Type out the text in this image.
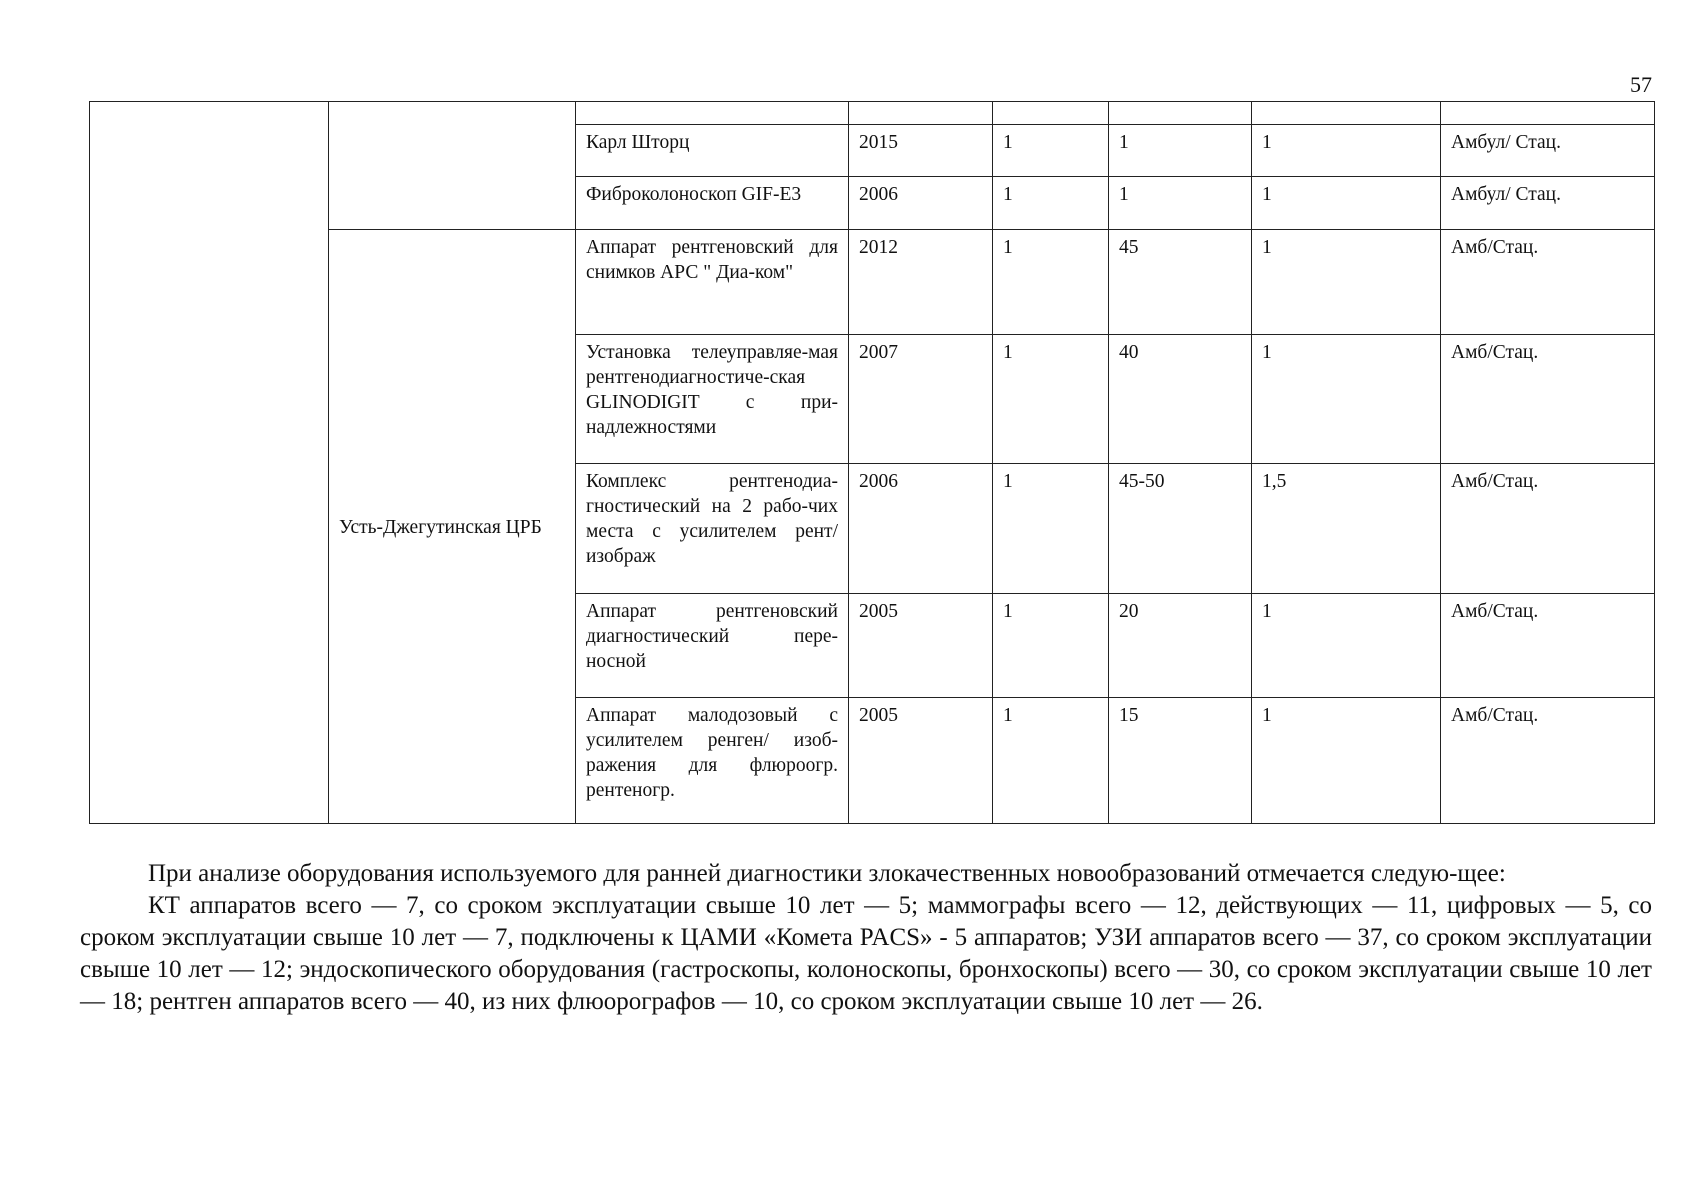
57

		Карл Шторц	2015	1	1	1	Амбул/ Стац.
		Фиброколоноскоп GIF-E3	2006	1	1	1	Амбул/ Стац.
	Усть-Джегутинская ЦРБ	Аппарат рентгеновский для снимков АРС " Диа-ком"	2012	1	45	1	Амб/Стац.
		Установка телеуправляе-мая рентгенодиагностиче-ская GLINODIGIT с при-надлежностями	2007	1	40	1	Амб/Стац.
		Комплекс рентгенодиа-гностический на 2 рабо-чих места с усилителем рент/изображ	2006	1	45-50	1,5	Амб/Стац.
		Аппарат рентгеновский диагностический пере-носной	2005	1	20	1	Амб/Стац.
		Аппарат малодозовый с усилителем ренген/ изоб-ражения для флюроогр. рентеногр.	2005	1	15	1	Амб/Стац.

При анализе оборудования используемого для ранней диагностики злокачественных новообразований отмечается следую-щее:

КТ аппаратов всего — 7, со сроком эксплуатации свыше 10 лет — 5; маммографы всего — 12, действующих — 11, цифровых — 5, со сроком эксплуатации свыше 10 лет — 7, подключены к ЦАМИ «Комета PACS» - 5 аппаратов; УЗИ аппаратов всего — 37, со сроком эксплуатации свыше 10 лет — 12; эндоскопического оборудования (гастроскопы, колоноскопы, бронхоскопы) всего — 30, со сроком эксплуатации свыше 10 лет — 18; рентген аппаратов всего — 40, из них флюорографов — 10, со сроком эксплуатации свыше 10 лет — 26.
